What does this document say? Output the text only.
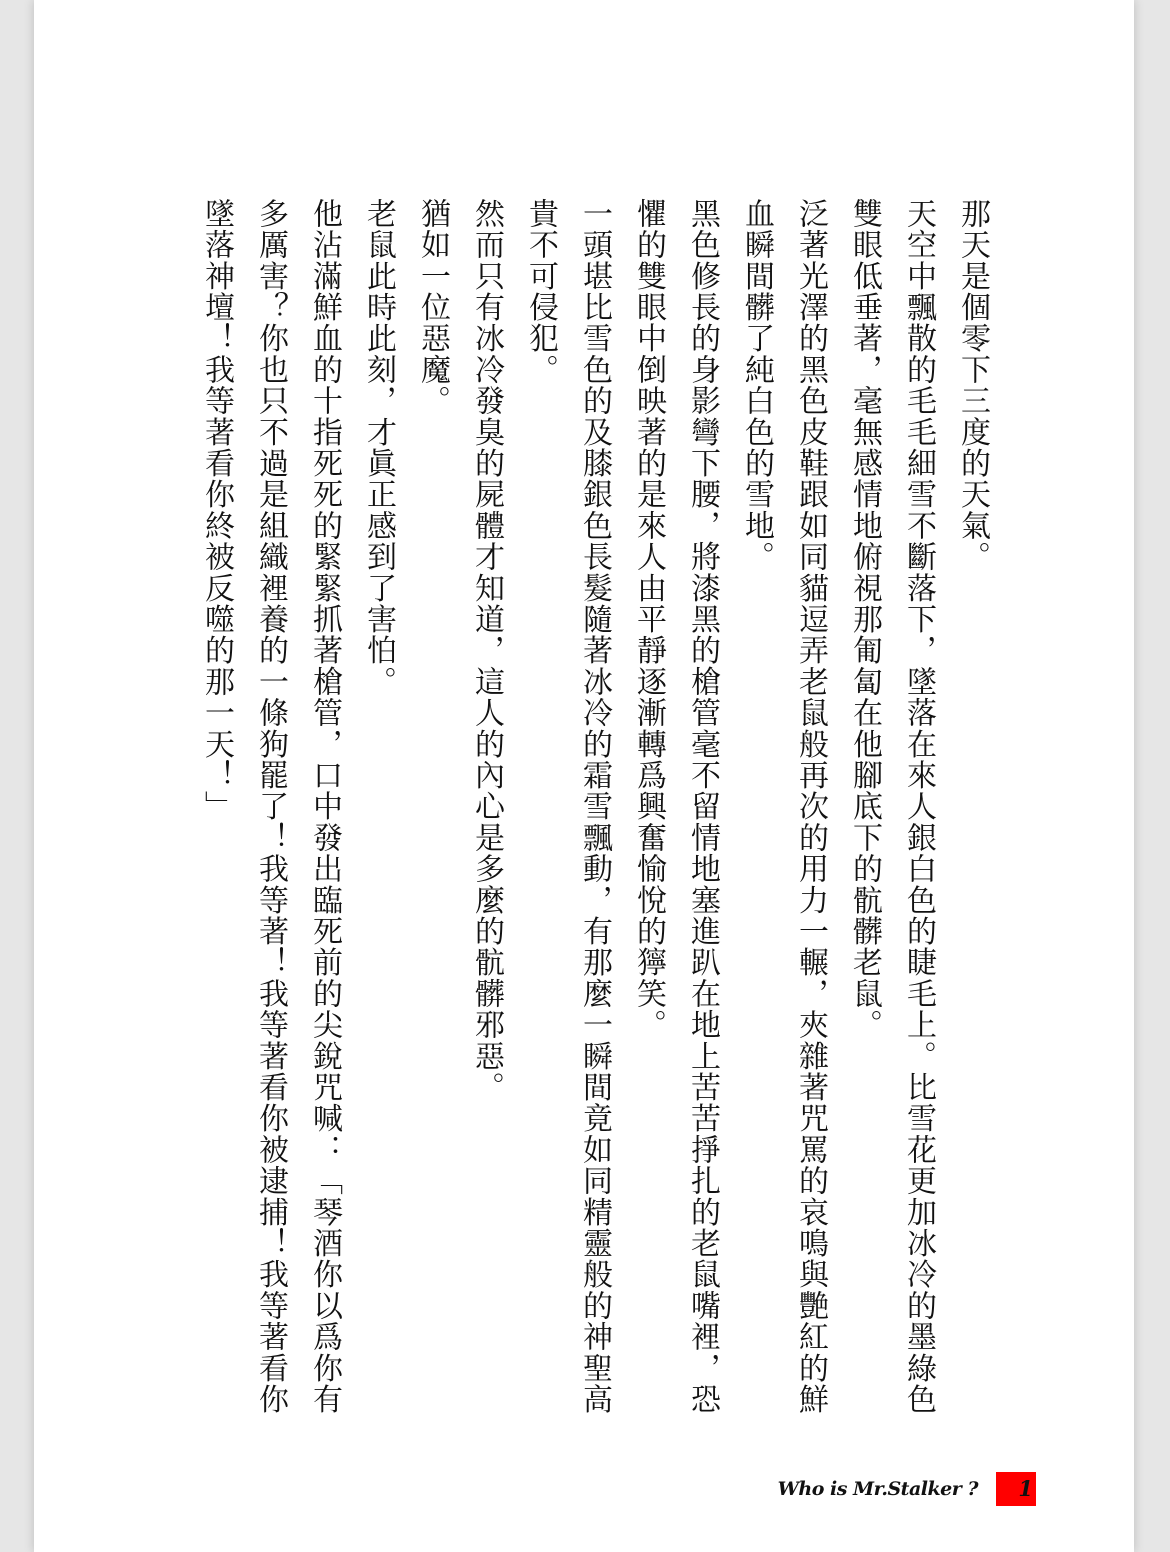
那天是個零下三度的天氣。

天空中飄散的毛毛細雪不斷落下，墜落在來人銀白色的睫毛上。比雪花更加冰冷的墨綠色雙眼低垂著，毫無感情地俯視那匍匐在他腳底下的骯髒老鼠。

泛著光澤的黑色皮鞋跟如同貓逗弄老鼠般再次的用力一輾，夾雜著咒罵的哀鳴與艷紅的鮮血瞬間髒了純白色的雪地。

黑色修長的身影彎下腰，將漆黑的槍管毫不留情地塞進趴在地上苦苦掙扎的老鼠嘴裡，恐懼的雙眼中倒映著的是來人由平靜逐漸轉爲興奮愉悅的獰笑。

一頭堪比雪色的及膝銀色長髮隨著冰冷的霜雪飄動，有那麼一瞬間竟如同精靈般的神聖高貴不可侵犯。

然而只有冰冷發臭的屍體才知道，這人的內心是多麼的骯髒邪惡。

猶如一位惡魔。

老鼠此時此刻，才眞正感到了害怕。

他沾滿鮮血的十指死死的緊緊抓著槍管，口中發出臨死前的尖銳咒喊：「琴酒你以爲你有多厲害？你也只不過是組織裡養的一條狗罷了！我等著！我等著看你被逮捕！我等著看你墜落神壇！我等著看你終被反噬的那一天！」

Who is Mr.Stalker ? 1
